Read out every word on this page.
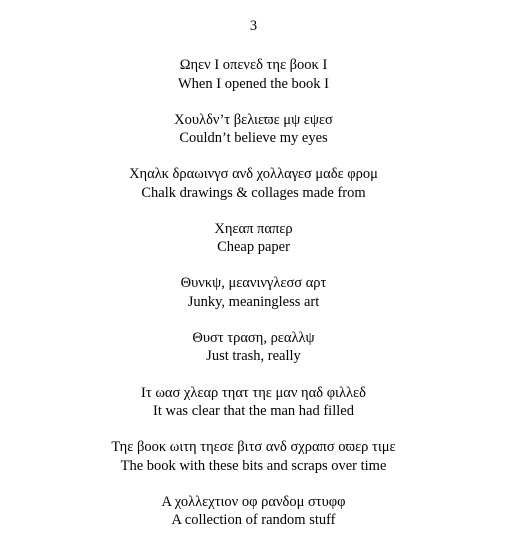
3
Ωηεν Ι οπενεδ τηε βοοκ Ι
When I opened the book I
Χουλδν’τ βελιεϖε μψ εψεσ
Couldn’t believe my eyes
Χηαλκ δραωινγσ ανδ χολλαγεσ μαδε φρομ
Chalk drawings & collages made from
Χηεαπ παπερ
Cheap paper
Θυνκψ, μεανινγλεσσ αρτ
Junky, meaningless art
Θυστ τραση, ρεαλλψ
Just trash, really
Ιτ ωασ χλεαρ τηατ τηε μαν ηαδ φιλλεδ
It was clear that the man had filled
Τηε βοοκ ωιτη τηεσε βιτσ ανδ σχραπσ οϖερ τιμε
The book with these bits and scraps over time
Α χολλεχτιον οφ ρανδομ στυφφ
A collection of random stuff
